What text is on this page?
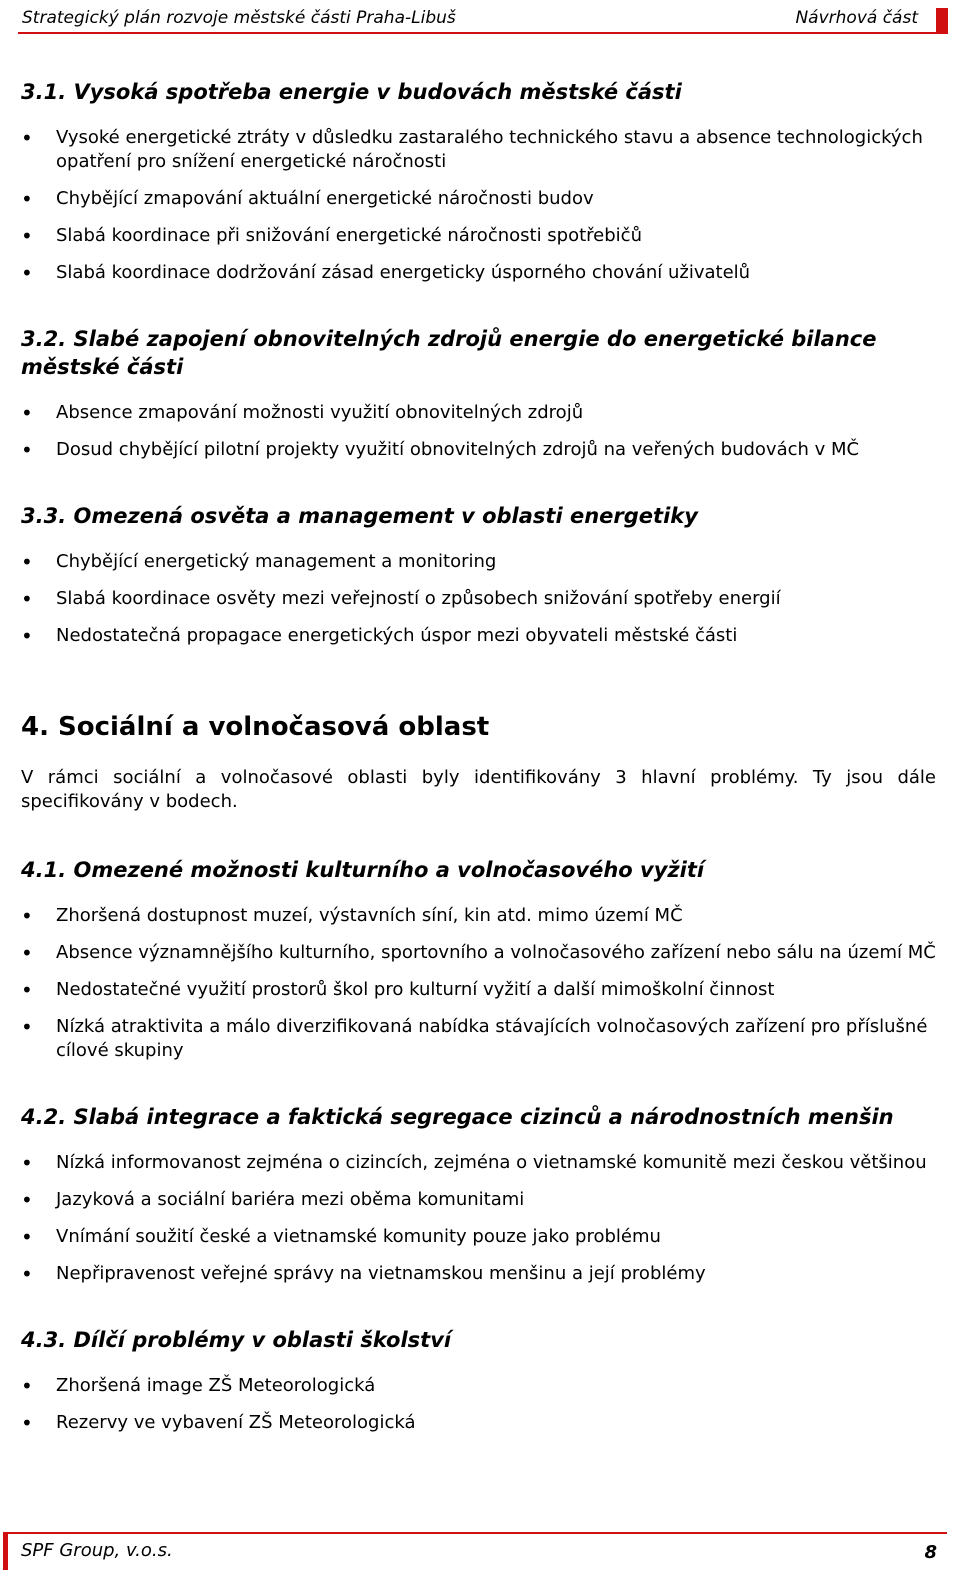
Strategický plán rozvoje městské části Praha-Libuš	Návrhová část
3.1. Vysoká spotřeba energie v budovách městské části
• Vysoké energetické ztráty v důsledku zastaralého technického stavu a absence technologických opatření pro snížení energetické náročnosti
• Chybějící zmapování aktuální energetické náročnosti budov
• Slabá koordinace při snižování energetické náročnosti spotřebičů
• Slabá koordinace dodržování zásad energeticky úsporného chování uživatelů
3.2. Slabé zapojení obnovitelných zdrojů energie do energetické bilance městské části
• Absence zmapování možnosti využití obnovitelných zdrojů
• Dosud chybějící pilotní projekty využití obnovitelných zdrojů na veřených budovách v MČ
3.3. Omezená osvěta a management v oblasti energetiky
• Chybějící energetický management a monitoring
• Slabá koordinace osvěty mezi veřejností o způsobech snižování spotřeby energií
• Nedostatečná propagace energetických úspor mezi obyvateli městské části
4. Sociální a volnočasová oblast

V rámci sociální a volnočasové oblasti byly identifikovány 3 hlavní problémy. Ty jsou dále specifikovány v bodech.

4.1. Omezené možnosti kulturního a volnočasového vyžití
• Zhoršená dostupnost muzeí, výstavních síní, kin atd. mimo území MČ
• Absence významnějšího kulturního, sportovního a volnočasového zařízení nebo sálu na území MČ
• Nedostatečné využití prostorů škol pro kulturní vyžití a další mimoškolní činnost
• Nízká atraktivita a málo diverzifikovaná nabídka stávajících volnočasových zařízení pro příslušné cílové skupiny
4.2. Slabá integrace a faktická segregace cizinců a národnostních menšin
• Nízká informovanost zejména o cizincích, zejména o vietnamské komunitě mezi českou většinou
• Jazyková a sociální bariéra mezi oběma komunitami
• Vnímání soužití české a vietnamské komunity pouze jako problému
• Nepřipravenost veřejné správy na vietnamskou menšinu a její problémy
4.3. Dílčí problémy v oblasti školství
• Zhoršená image ZŠ Meteorologická
• Rezervy ve vybavení ZŠ Meteorologická
SPF Group, v.o.s.	8
